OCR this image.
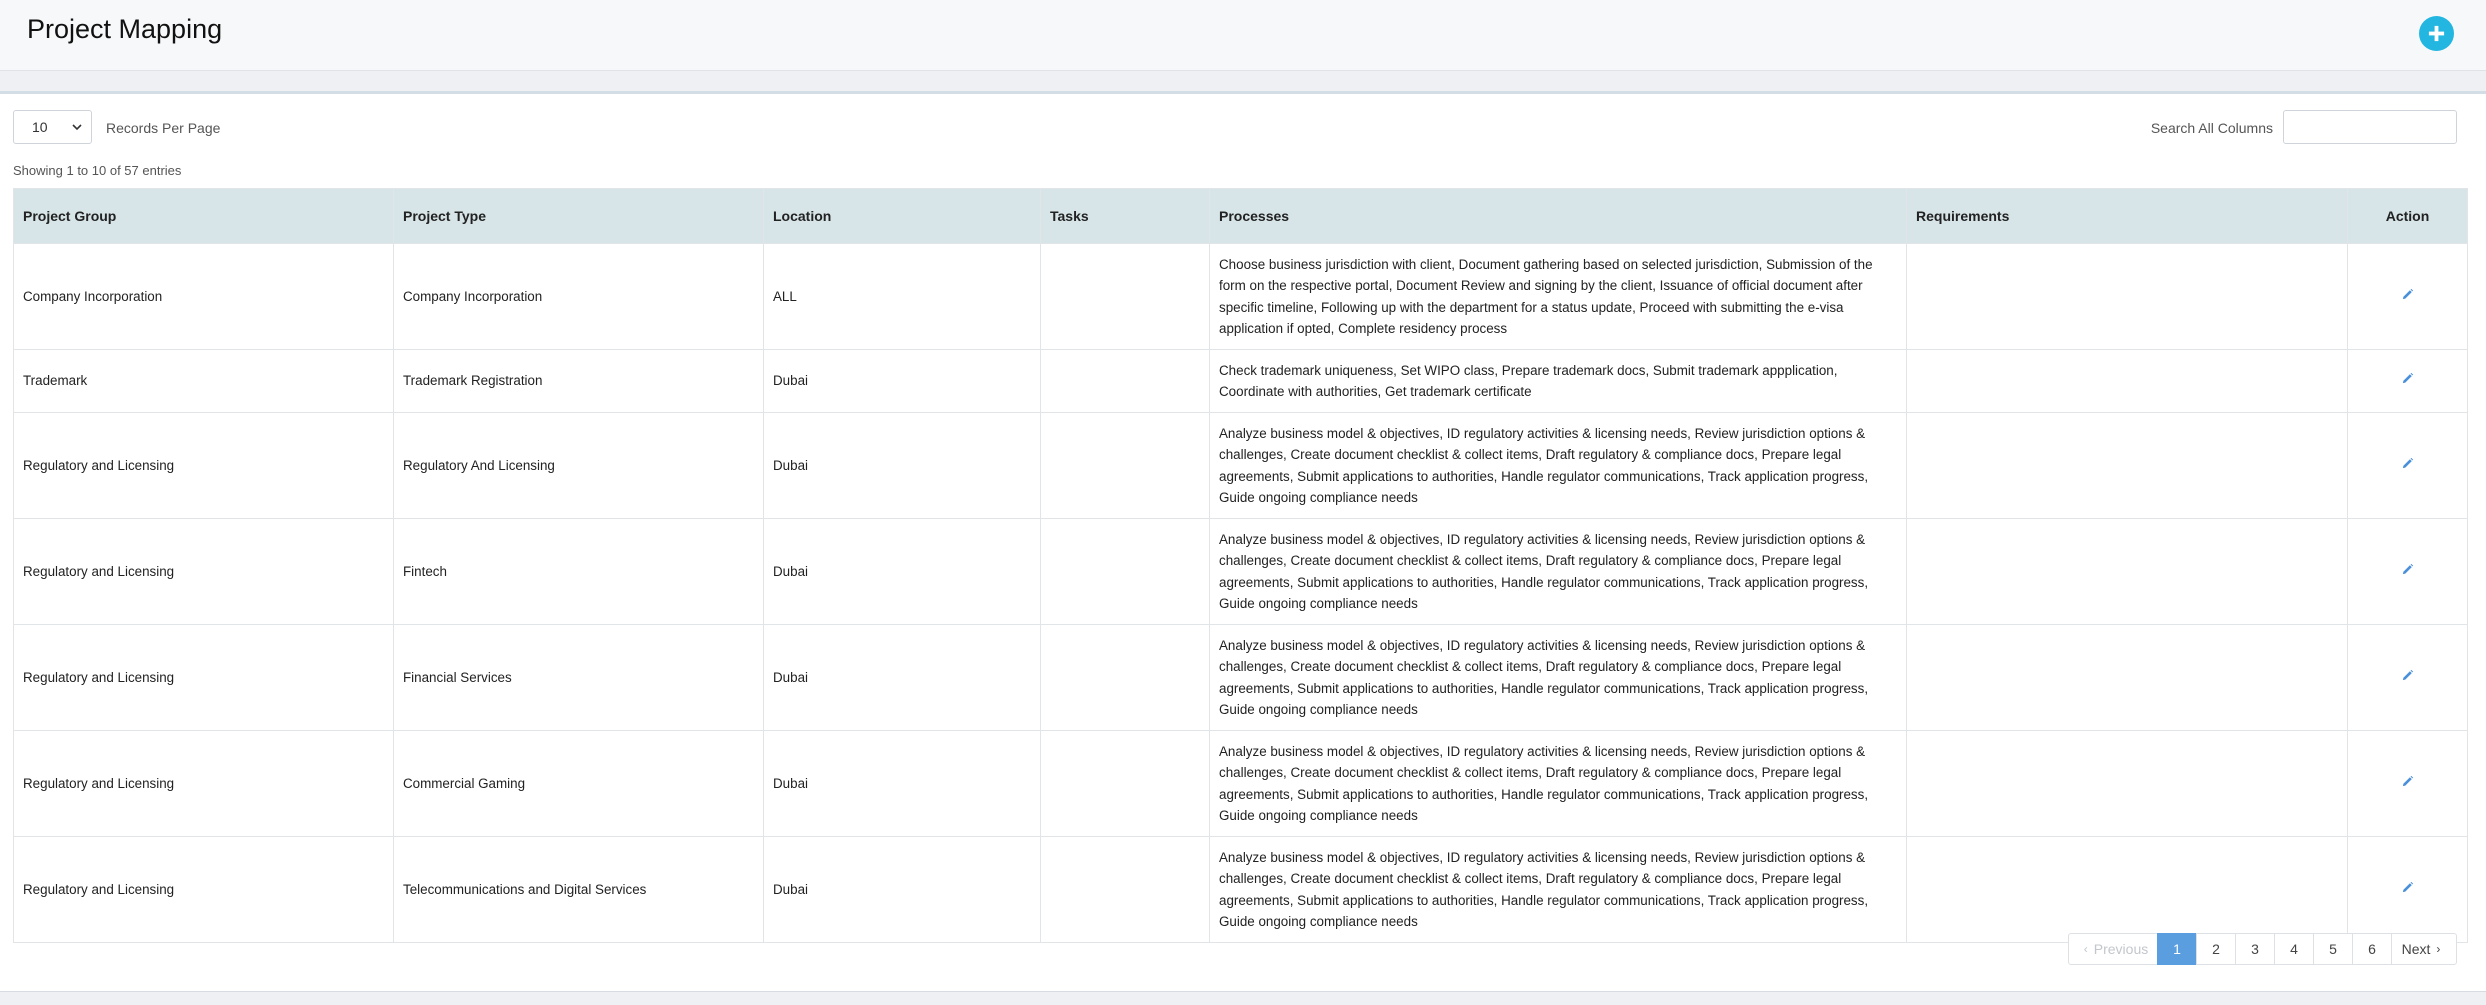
Project Mapping
10	Records Per Page	Search All Columns
Showing 1 to 10 of 57 entries
Project Group	Project Type	Location	Tasks	Processes	Requirements	Action
Company Incorporation	Company Incorporation	ALL		Choose business jurisdiction with client, Document gathering based on selected jurisdiction, Submission of the form on the respective portal, Document Review and signing by the client, Issuance of official document after specific timeline, Following up with the department for a status update, Proceed with submitting the e-visa application if opted, Complete residency process		
Trademark	Trademark Registration	Dubai		Check trademark uniqueness, Set WIPO class, Prepare trademark docs, Submit trademark appplication, Coordinate with authorities, Get trademark certificate		
Regulatory and Licensing	Regulatory And Licensing	Dubai		Analyze business model & objectives, ID regulatory activities & licensing needs, Review jurisdiction options & challenges, Create document checklist & collect items, Draft regulatory & compliance docs, Prepare legal agreements, Submit applications to authorities, Handle regulator communications, Track application progress, Guide ongoing compliance needs		
Regulatory and Licensing	Fintech	Dubai		Analyze business model & objectives, ID regulatory activities & licensing needs, Review jurisdiction options & challenges, Create document checklist & collect items, Draft regulatory & compliance docs, Prepare legal agreements, Submit applications to authorities, Handle regulator communications, Track application progress, Guide ongoing compliance needs		
Regulatory and Licensing	Financial Services	Dubai		Analyze business model & objectives, ID regulatory activities & licensing needs, Review jurisdiction options & challenges, Create document checklist & collect items, Draft regulatory & compliance docs, Prepare legal agreements, Submit applications to authorities, Handle regulator communications, Track application progress, Guide ongoing compliance needs		
Regulatory and Licensing	Commercial Gaming	Dubai		Analyze business model & objectives, ID regulatory activities & licensing needs, Review jurisdiction options & challenges, Create document checklist & collect items, Draft regulatory & compliance docs, Prepare legal agreements, Submit applications to authorities, Handle regulator communications, Track application progress, Guide ongoing compliance needs		
Regulatory and Licensing	Telecommunications and Digital Services	Dubai		Analyze business model & objectives, ID regulatory activities & licensing needs, Review jurisdiction options & challenges, Create document checklist & collect items, Draft regulatory & compliance docs, Prepare legal agreements, Submit applications to authorities, Handle regulator communications, Track application progress, Guide ongoing compliance needs		
‹ Previous	1	2	3	4	5	6	Next ›
